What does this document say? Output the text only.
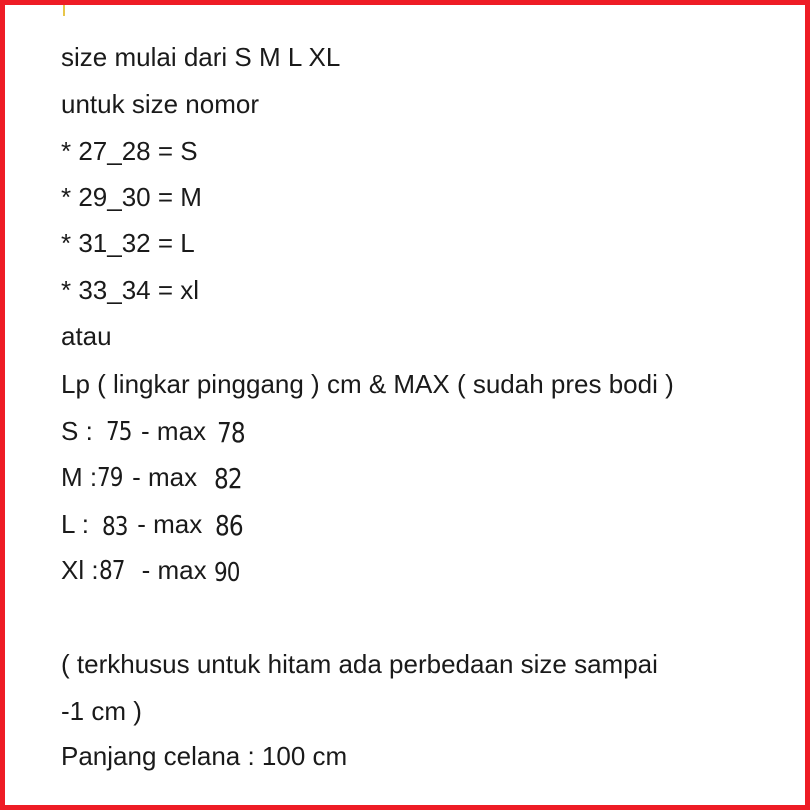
size mulai dari S M L XL
untuk size nomor
* 27_28 = S
* 29_30 = M
* 31_32 = L
* 33_34 = xl
atau
Lp ( lingkar pinggang ) cm & MAX ( sudah pres bodi )
S : 75 - max 78
M :79 - max 82
L : 83 - max 86
Xl :87 - max 90
( terkhusus untuk hitam ada perbedaan size sampai
-1 cm )
Panjang celana : 100 cm
